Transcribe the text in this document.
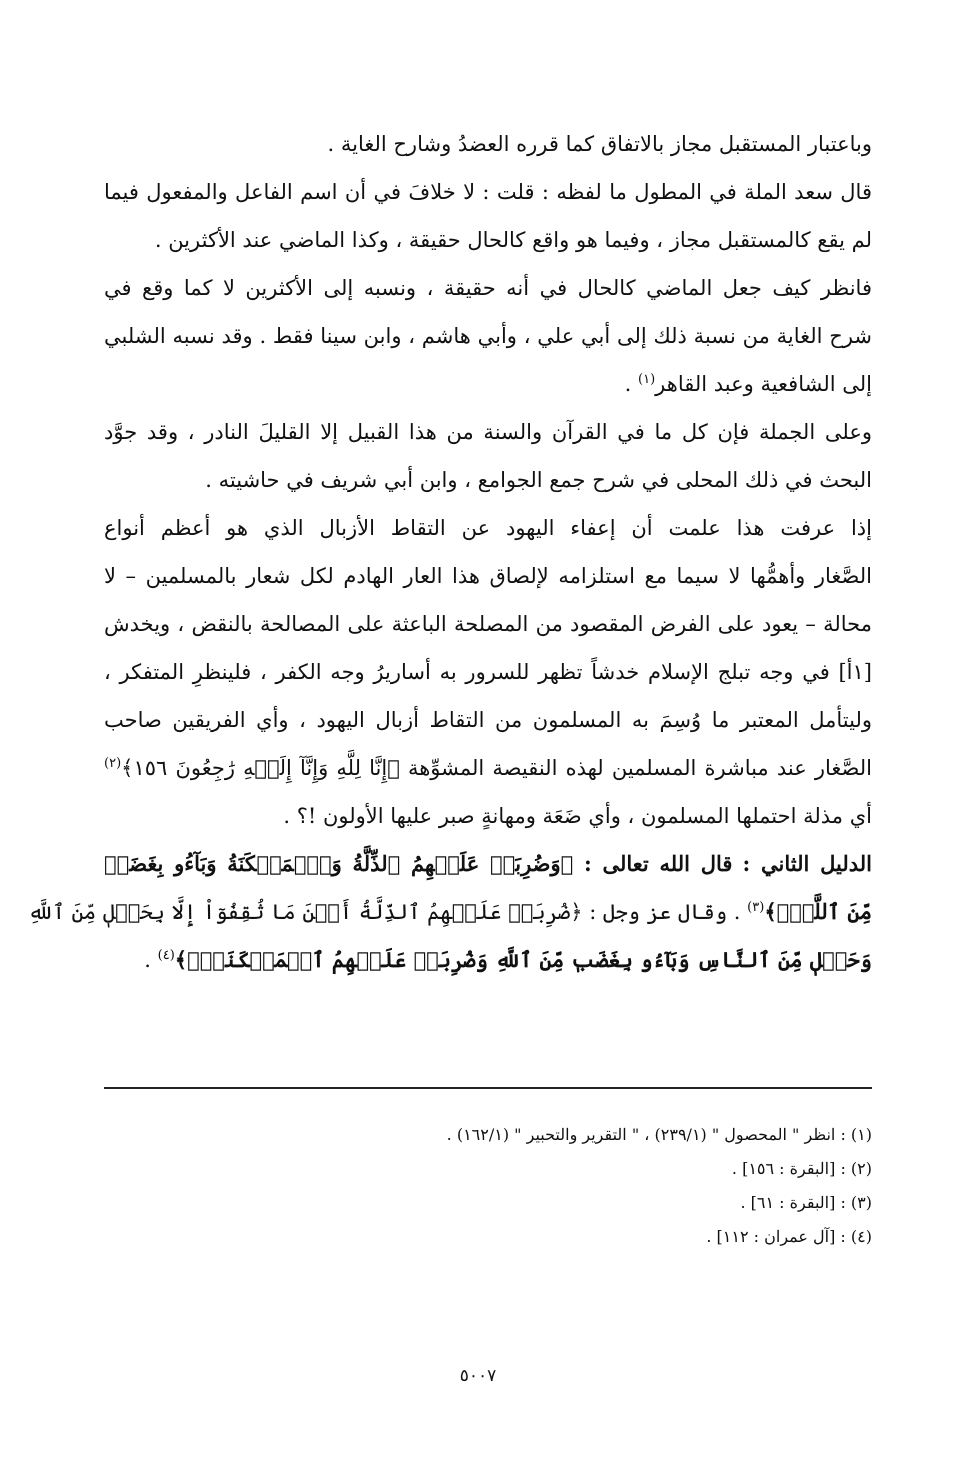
وباعتبار المستقبل مجاز بالاتفاق كما قرره العضدُ وشارح الغاية .
قال سعد الملة في المطول ما لفظه : قلت : لا خلافَ في أن اسم الفاعل والمفعول فيما
لم يقع كالمستقبل مجاز ، وفيما هو واقع كالحال حقيقة ، وكذا الماضي عند الأكثرين .
فانظر كيف جعل الماضي كالحال في أنه حقيقة ، ونسبه إلى الأكثرين لا كما وقع في
شرح الغاية من نسبة ذلك إلى أبي علي ، وأبي هاشم ، وابن سينا فقط . وقد نسبه الشلبي
إلى الشافعية وعبد القاهر$^{(١)}$ .
وعلى الجملة فإن كل ما في القرآن والسنة من هذا القبيل إلا القليلَ النادر ، وقد جوَّد
البحث في ذلك المحلى في شرح جمع الجوامع ، وابن أبي شريف في حاشيته .
إذا عرفت هذا علمت أن إعفاء اليهود عن التقاط الأزبال الذي هو أعظم أنواع
الصَّغار وأهمُّها لا سيما مع استلزامه لإلصاق هذا العار الهادم لكل شعار بالمسلمين – لا
محالة – يعود على الفرض المقصود من المصلحة الباعثة على المصالحة بالنقض ، ويخدش
[١أ] في وجه تبلج الإسلام خدشاً تظهر للسرور به أساريرُ وجه الكفر ، فلينظرِ المتفكر ،
وليتأمل المعتبر ما وُسِمَ به المسلمون من التقاط أزبال اليهود ، وأي الفريقين صاحب
الصَّغار عند مباشرة المسلمين لهذه النقيصة المشوِّهة ﴿إِنَّا لِلَّهِ وَإِنَّآ إِلَيۡهِ رَٰجِعُونَ ١٥٦﴾$^{(٢)}$
أي مذلة احتملها المسلمون ، وأي ضَعَة ومهانةٍ صبر عليها الأولون !؟ .
الدليل الثاني : قال الله تعالى : ﴿وَضُرِبَتۡ عَلَيۡهِمُ ٱلذِّلَّةُ وَٱلۡمَسۡكَنَةُ وَبَآءُو بِغَضَبٖ
مِّنَ ٱللَّهِۗ﴾$^{(٣)}$ . وقال عز وجل : ﴿ضُرِبَتۡ عَلَيۡهِمُ ٱلذِّلَّةُ أَيۡنَ مَا ثُقِفُوٓاْ إِلَّا بِحَبۡلٖ مِّنَ ٱللَّهِ
وَحَبۡلٖ مِّنَ ٱلنَّاسِ وَبَآءُو بِغَضَبٖ مِّنَ ٱللَّهِ وَضُرِبَتۡ عَلَيۡهِمُ ٱلۡمَسۡكَنَةُۚ﴾$^{(٤)}$ .
(١) : انظر " المحصول " (٢٣٩/١) ، " التقرير والتحبير " (١٦٢/١) .
(٢) : [البقرة : ١٥٦] .
(٣) : [البقرة : ٦١] .
(٤) : [آل عمران : ١١٢] .
٥٠٠٧
